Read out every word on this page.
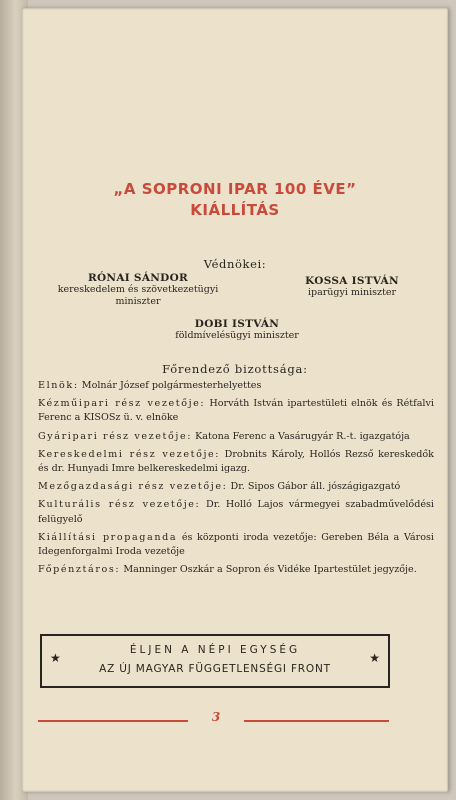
„A SOPRONI IPAR 100 ÉVE”
KIÁLLÍTÁS
Védnökei:
RÓNAI SÁNDOR
kereskedelem és szövetkezetügyi
miniszter
KOSSA ISTVÁN
iparügyi miniszter
DOBI ISTVÁN
földmívelésügyi miniszter
Főrendező bizottsága:
Elnök: Molnár József polgármesterhelyettes
Kézműipari rész vezetője: Horváth István ipartestületi elnök és Rétfalvi Ferenc a KISOSz ü. v. elnöke
Gyáripari rész vezetője: Katona Ferenc a Vasárugyár R.-t. igazgatója
Kereskedelmi rész vezetője: Drobnits Károly, Hollós Rezső kereskedők és dr. Hunyadi Imre belkereskedelmi igazg.
Mezőgazdasági rész vezetője: Dr. Sipos Gábor áll. jószágigazgató
Kulturális rész vezetője: Dr. Holló Lajos vármegyei szabadművelődési felügyelő
Kiállítási propaganda és központi iroda vezetője: Gereben Béla a Városi Idegenforgalmi Iroda vezetője
Főpénztáros: Manninger Oszkár a Sopron és Vidéke Ipartestület jegyzője.
★
ÉLJEN A NÉPI EGYSÉG
AZ ÚJ MAGYAR FÜGGETLENSÉGI FRONT
★
3
